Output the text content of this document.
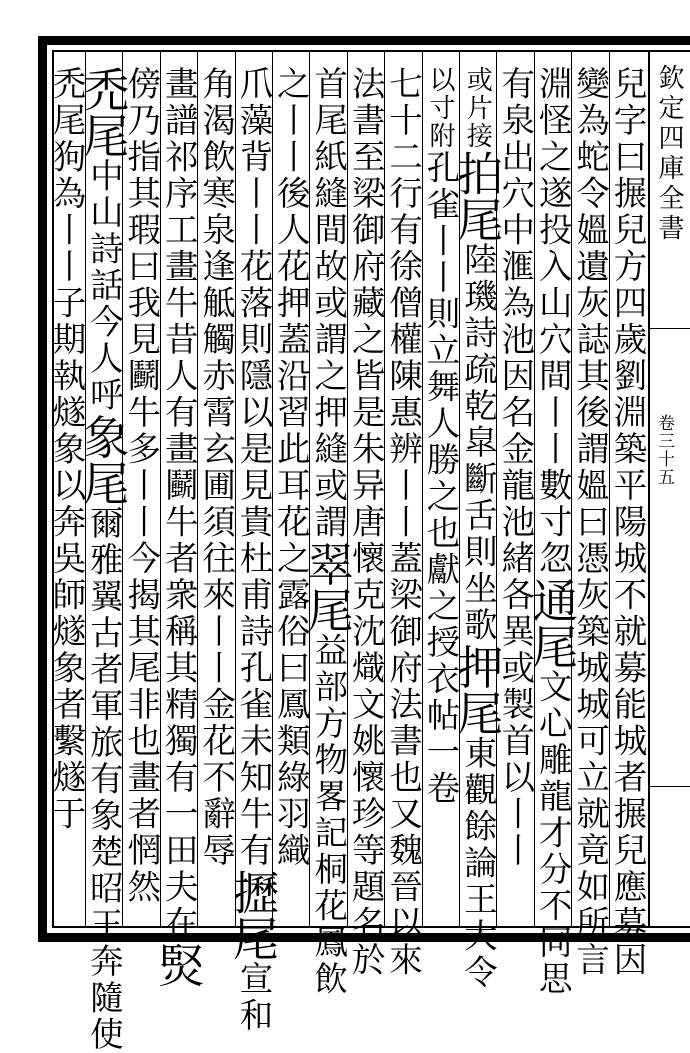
欽定四庫全書
卷三十五
兒字曰搌兒方四歲劉淵築平陽城不就募能城者搌兒應募因
變為蛇令媼遺灰誌其後謂媼曰憑灰築城城可立就竟如所言
淵怪之遂投入山穴間丨丨數寸忽通尾文心雕龍才分不同思
有泉出穴中滙為池因名金龍池緒各異或製首以丨丨
或片接拍尾陸璣詩疏乾皐斷舌則坐歌押尾東觀餘論王大令
以寸附孔雀丨丨則立舞人勝之也獻之授衣帖一卷
七十二行有徐僧權陳惠辨丨丨蓋梁御府法書也又魏晉以來
法書至梁御府藏之皆是朱异唐懷克沈熾文姚懷珍等題名於
首尾紙縫間故或謂之押縫或謂翠尾益部方物畧記桐花鳳飲
之丨丨後人花押蓋沿習此耳花之露俗曰鳳類綠羽織
爪藻背丨丨花落則隱以是見貴杜甫詩孔雀未知牛有攊尾宣和
角渴飲寒泉逢觝觸赤霄玄圃須往來丨丨金花不辭辱
畫譜祁序工畫牛昔人有畫鬬牛者衆稱其精獨有一田夫在㷂
傍乃指其瑕曰我見鬬牛多丨丨今揭其尾非也畫者惘然
禿尾中山詩話今人呼象尾爾雅翼古者軍旅有象楚昭王奔隨使
禿尾狗為丨丨子期執燧象以奔吳師燧象者繫燧于
